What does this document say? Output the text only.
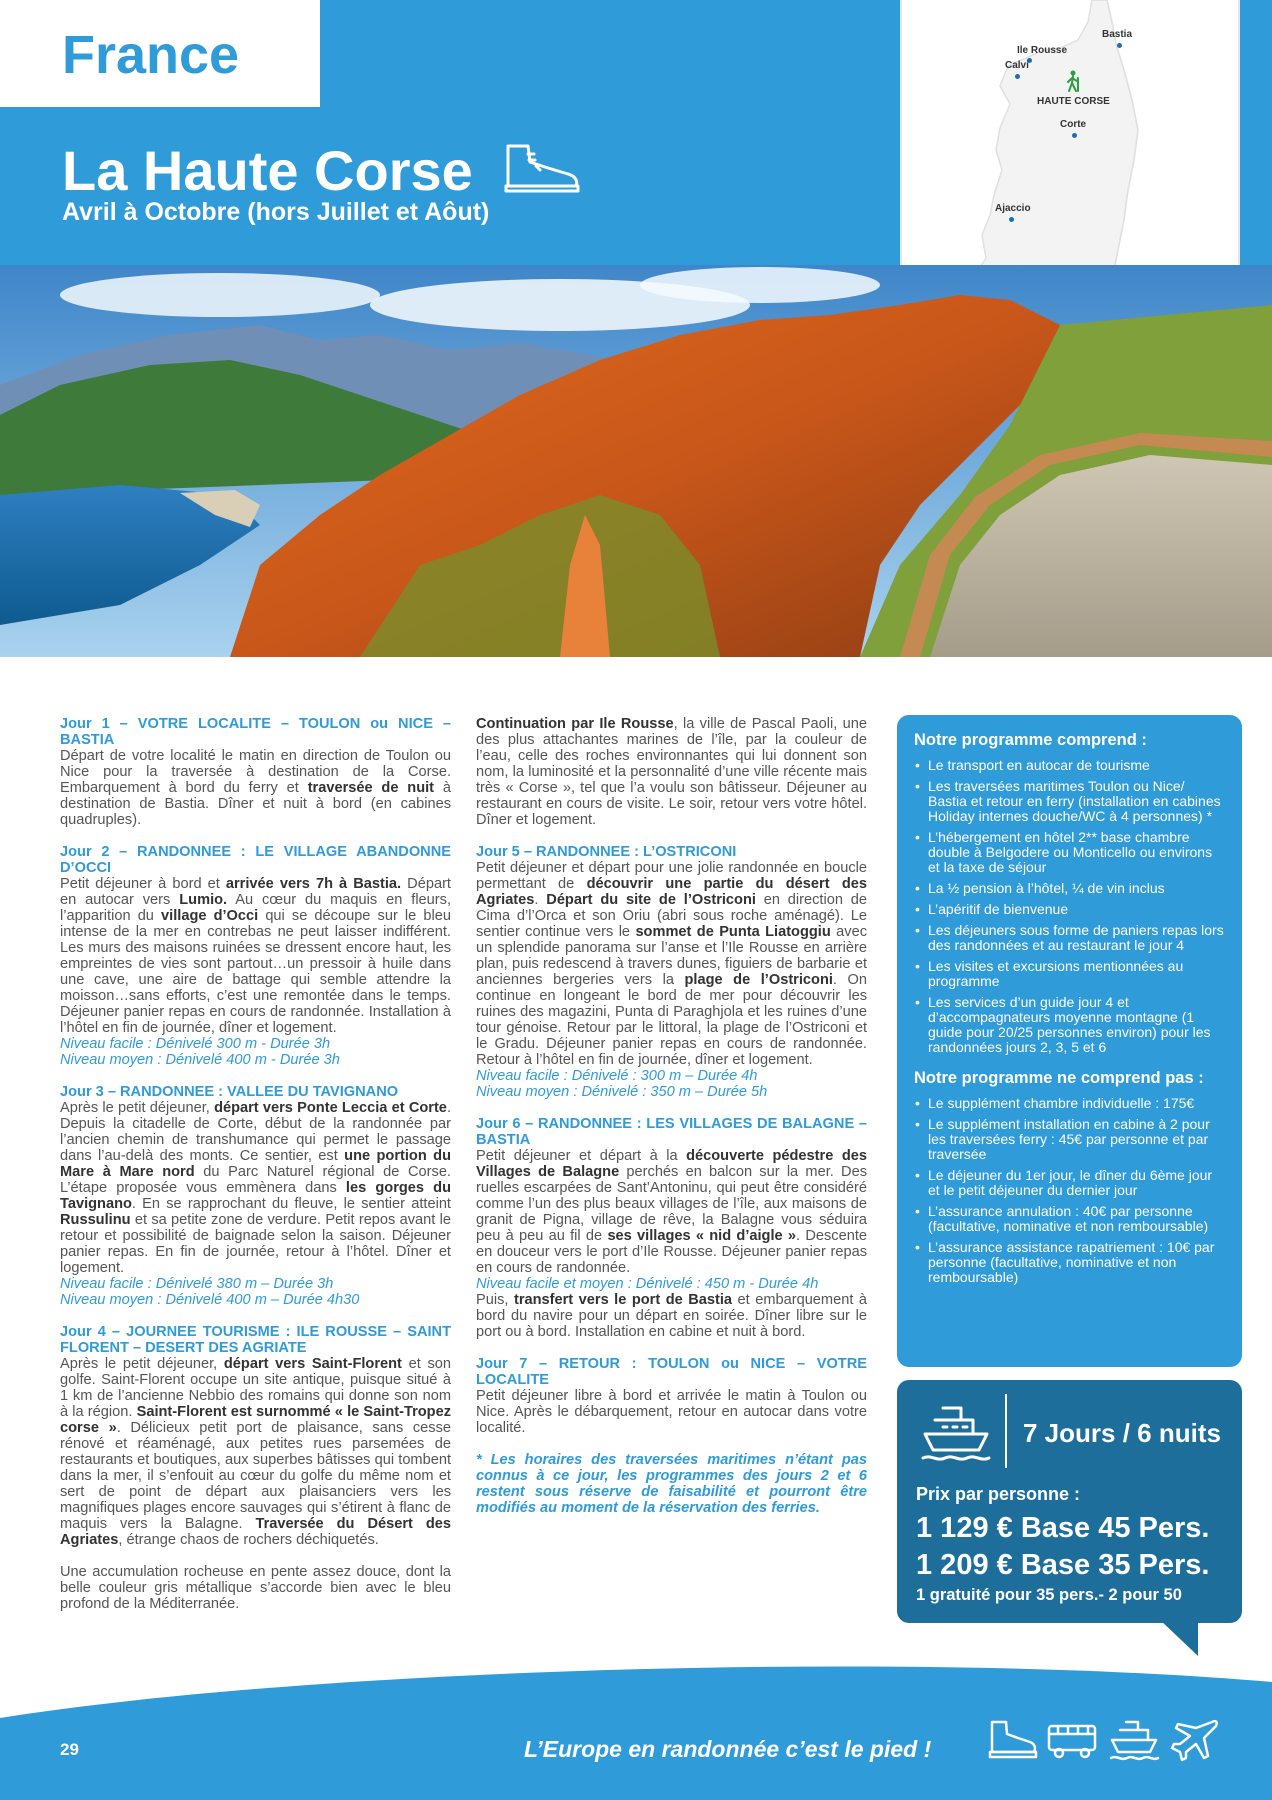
France
La Haute Corse
Avril à Octobre (hors Juillet et Aôut)
Bastia
Ile Rousse
Calvi
HAUTE CORSE
Corte
Ajaccio

Jour 1 – VOTRE LOCALITE – TOULON ou NICE – BASTIA

Départ de votre localité le matin en direction de Toulon ou Nice pour la traversée à destination de la Corse. Embarquement à bord du ferry et traversée de nuit à destination de Bastia. Dîner et nuit à bord (en cabines quadruples).

Jour 2 – RANDONNEE : LE VILLAGE ABANDONNE D’OCCI

Petit déjeuner à bord et arrivée vers 7h à Bastia. Départ en autocar vers Lumio. Au cœur du maquis en fleurs, l’apparition du village d’Occi qui se découpe sur le bleu intense de la mer en contrebas ne peut laisser indifférent. Les murs des maisons ruinées se dressent encore haut, les empreintes de vies sont partout…un pressoir à huile dans une cave, une aire de battage qui semble attendre la moisson…sans efforts, c’est une remontée dans le temps. Déjeuner panier repas en cours de randonnée. Installation à l’hôtel en fin de journée, dîner et logement.

Niveau facile : Dénivelé 300 m - Durée 3h

Niveau moyen : Dénivelé 400 m - Durée 3h

Jour 3 – RANDONNEE : VALLEE DU TAVIGNANO

Après le petit déjeuner, départ vers Ponte Leccia et Corte. Depuis la citadelle de Corte, début de la randonnée par l’ancien chemin de transhumance qui permet le passage dans l’au-delà des monts. Ce sentier, est une portion du Mare à Mare nord du Parc Naturel régional de Corse. L’étape proposée vous emmènera dans les gorges du Tavignano. En se rapprochant du fleuve, le sentier atteint Russulinu et sa petite zone de verdure. Petit repos avant le retour et possibilité de baignade selon la saison. Déjeuner panier repas. En fin de journée, retour à l’hôtel. Dîner et logement.

Niveau facile : Dénivelé 380 m – Durée 3h

Niveau moyen : Dénivelé 400 m – Durée 4h30

Jour 4 – JOURNEE TOURISME : ILE ROUSSE – SAINT FLORENT – DESERT DES AGRIATE

Après le petit déjeuner, départ vers Saint-Florent et son golfe. Saint-Florent occupe un site antique, puisque situé à 1 km de l’ancienne Nebbio des romains qui donne son nom à la région. Saint-Florent est surnommé « le Saint-Tropez corse ». Délicieux petit port de plaisance, sans cesse rénové et réaménagé, aux petites rues parsemées de restaurants et boutiques, aux superbes bâtisses qui tombent dans la mer, il s’enfouit au cœur du golfe du même nom et sert de point de départ aux plaisanciers vers les magnifiques plages encore sauvages qui s’étirent à flanc de maquis vers la Balagne. Traversée du Désert des Agriates, étrange chaos de rochers déchiquetés.

Une accumulation rocheuse en pente assez douce, dont la belle couleur gris métallique s’accorde bien avec le bleu profond de la Méditerranée.

Continuation par Ile Rousse, la ville de Pascal Paoli, une des plus attachantes marines de l’île, par la couleur de l’eau, celle des roches environnantes qui lui donnent son nom, la luminosité et la personnalité d’une ville récente mais très « Corse », tel que l’a voulu son bâtisseur. Déjeuner au restaurant en cours de visite. Le soir, retour vers votre hôtel. Dîner et logement.

Jour 5 – RANDONNEE : L’OSTRICONI

Petit déjeuner et départ pour une jolie randonnée en boucle permettant de découvrir une partie du désert des Agriates. Départ du site de l’Ostriconi en direction de Cima d’l’Orca et son Oriu (abri sous roche aménagé). Le sentier continue vers le sommet de Punta Liatoggiu avec un splendide panorama sur l’anse et l’Ile Rousse en arrière plan, puis redescend à travers dunes, figuiers de barbarie et anciennes bergeries vers la plage de l’Ostriconi. On continue en longeant le bord de mer pour découvrir les ruines des magazini, Punta di Paraghjola et les ruines d’une tour génoise. Retour par le littoral, la plage de l’Ostriconi et le Gradu. Déjeuner panier repas en cours de randonnée. Retour à l’hôtel en fin de journée, dîner et logement.

Niveau facile : Dénivelé : 300 m – Durée 4h

Niveau moyen : Dénivelé : 350 m – Durée 5h

Jour 6 – RANDONNEE : LES VILLAGES DE BALAGNE – BASTIA

Petit déjeuner et départ à la découverte pédestre des Villages de Balagne perchés en balcon sur la mer. Des ruelles escarpées de Sant’Antoninu, qui peut être considéré comme l’un des plus beaux villages de l’île, aux maisons de granit de Pigna, village de rêve, la Balagne vous séduira peu à peu au fil de ses villages « nid d’aigle ». Descente en douceur vers le port d’Ile Rousse. Déjeuner panier repas en cours de randonnée.

Niveau facile et moyen : Dénivelé : 450 m - Durée 4h

Puis, transfert vers le port de Bastia et embarquement à bord du navire pour un départ en soirée. Dîner libre sur le port ou à bord. Installation en cabine et nuit à bord.

Jour 7 – RETOUR : TOULON ou NICE – VOTRE LOCALITE

Petit déjeuner libre à bord et arrivée le matin à Toulon ou Nice. Après le débarquement, retour en autocar dans votre localité.

* Les horaires des traversées maritimes n’étant pas connus à ce jour, les programmes des jours 2 et 6 restent sous réserve de faisabilité et pourront être modifiés au moment de la réservation des ferries.

Notre programme comprend :
• Le transport en autocar de tourisme
• Les traversées maritimes Toulon ou Nice/ Bastia et retour en ferry (installation en cabines Holiday internes douche/WC à 4 personnes) *
• L’hébergement en hôtel 2** base chambre double à Belgodere ou Monticello ou environs et la taxe de séjour
• La ½ pension à l’hôtel, ¼ de vin inclus
• L’apéritif de bienvenue
• Les déjeuners sous forme de paniers repas lors des randonnées et au restaurant le jour 4
• Les visites et excursions mentionnées au programme
• Les services d’un guide jour 4 et d’accompagnateurs moyenne montagne (1 guide pour 20/25 personnes environ) pour les randonnées jours 2, 3, 5 et 6
Notre programme ne comprend pas :
• Le supplément chambre individuelle : 175€
• Le supplément installation en cabine à 2 pour les traversées ferry : 45€ par personne et par traversée
• Le déjeuner du 1er jour, le dîner du 6ème jour et le petit déjeuner du dernier jour
• L’assurance annulation : 40€ par personne (facultative, nominative et non remboursable)
• L’assurance assistance rapatriement : 10€ par personne (facultative, nominative et non remboursable)
7 Jours / 6 nuits
Prix par personne :
1 129 € Base 45 Pers.
1 209 € Base 35 Pers.
1 gratuité pour 35 pers.- 2 pour 50
29	L’Europe en randonnée c’est le pied !
